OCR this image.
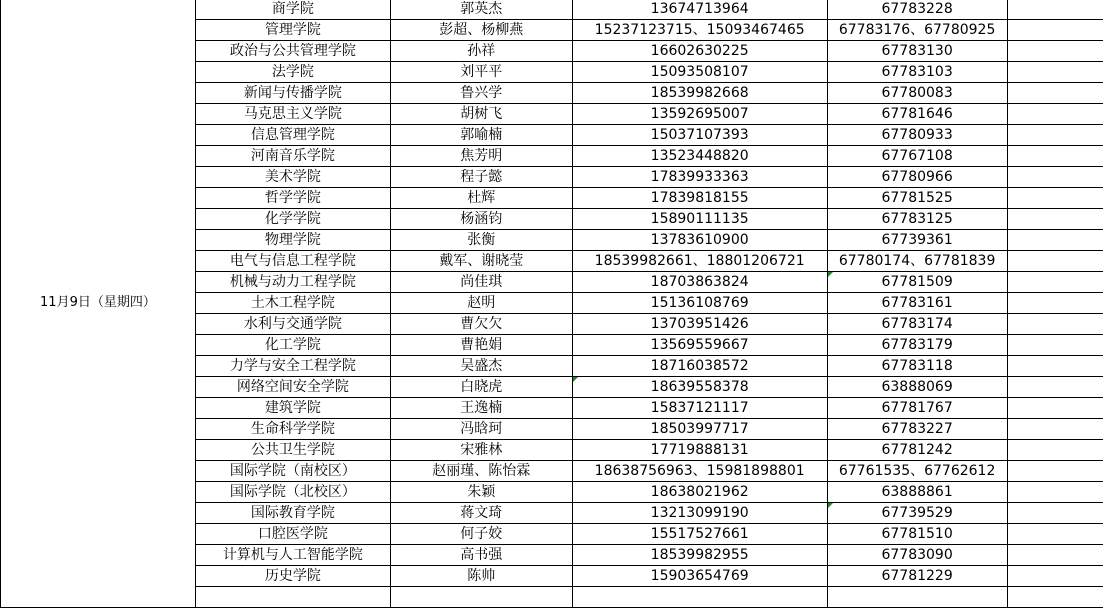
11月9日（星期四）	商学院	郭英杰	13674713964	67783228	
	管理学院	彭超、杨柳燕	15237123715、15093467465	67783176、67780925	
	政治与公共管理学院	孙祥	16602630225	67783130	
	法学院	刘平平	15093508107	67783103	
	新闻与传播学院	鲁兴学	18539982668	67780083	
	马克思主义学院	胡树飞	13592695007	67781646	
	信息管理学院	郭喻楠	15037107393	67780933	
	河南音乐学院	焦芳明	13523448820	67767108	
	美术学院	程子懿	17839933363	67780966	
	哲学学院	杜辉	17839818155	67781525	
	化学学院	杨涵钧	15890111135	67783125	
	物理学院	张衡	13783610900	67739361	
	电气与信息工程学院	戴军、谢晓莹	18539982661、18801206721	67780174、67781839	
	机械与动力工程学院	尚佳琪	18703863824	67781509	
	土木工程学院	赵明	15136108769	67783161	
	水利与交通学院	曹欠欠	13703951426	67783174	
	化工学院	曹艳娟	13569559667	67783179	
	力学与安全工程学院	吴盛杰	18716038572	67783118	
	网络空间安全学院	白晓虎	18639558378	63888069	
	建筑学院	王逸楠	15837121117	67781767	
	生命科学学院	冯晗珂	18503997717	67783227	
	公共卫生学院	宋雅林	17719888131	67781242	
	国际学院（南校区）	赵丽瑾、陈怡霖	18638756963、15981898801	67761535、67762612	
	国际学院（北校区）	朱颖	18638021962	63888861	
	国际教育学院	蒋文琦	13213099190	67739529	
	口腔医学院	何子姣	15517527661	67781510	
	计算机与人工智能学院	高书强	18539982955	67783090	
	历史学院	陈帅	15903654769	67781229	
